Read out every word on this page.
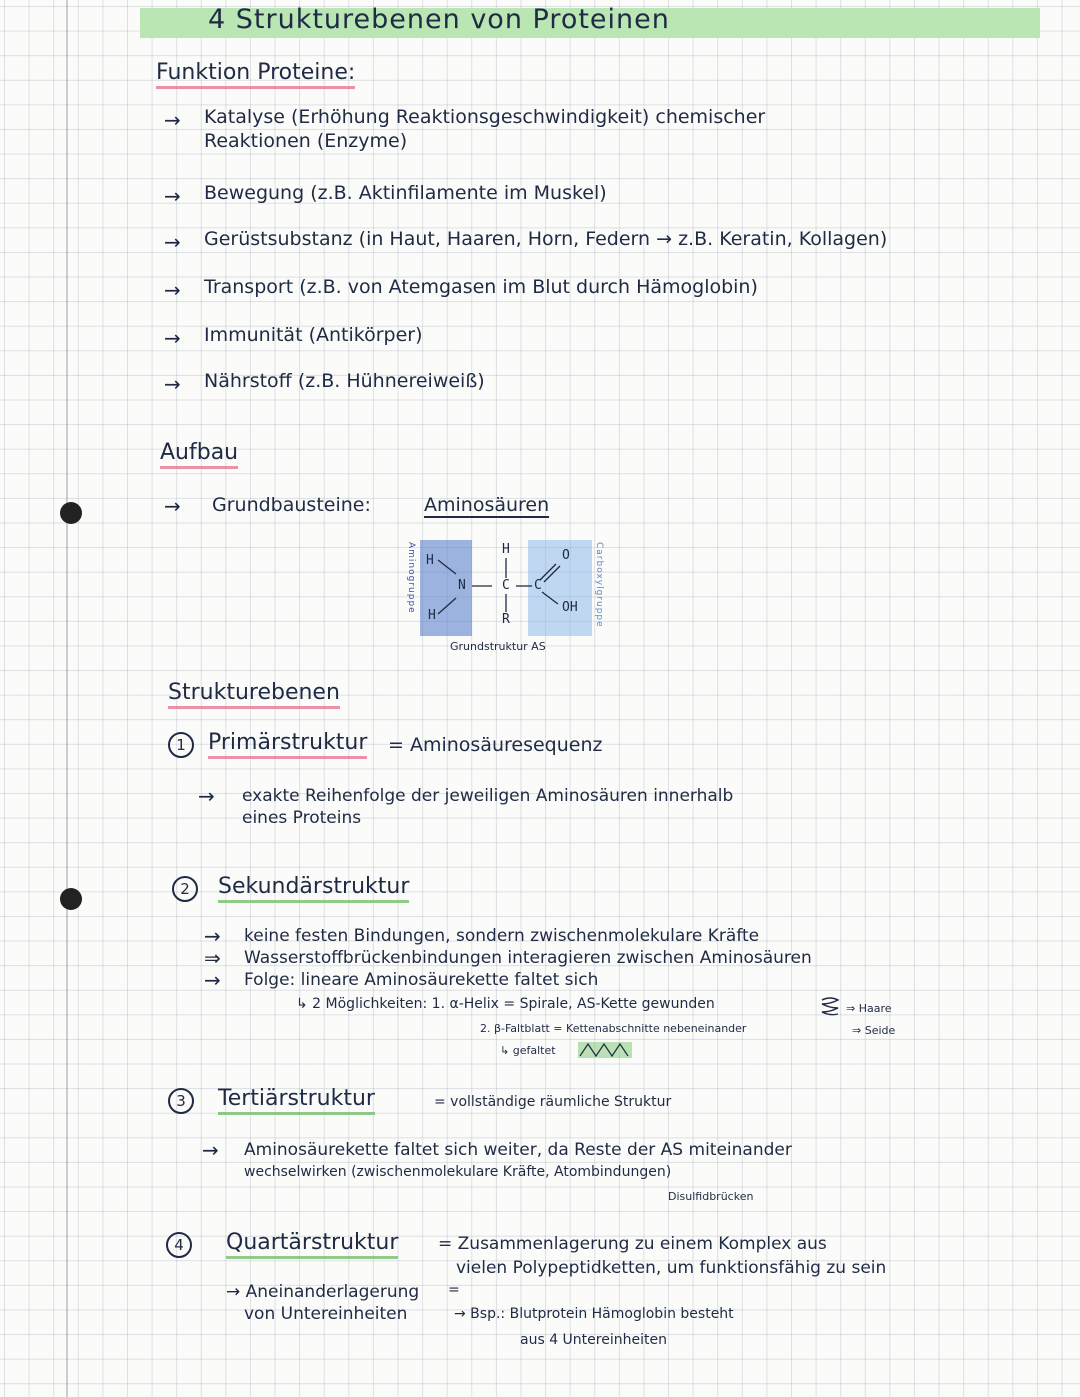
4 Strukturebenen von Proteinen
Funktion Proteine:
→ Katalyse (Erhöhung Reaktionsgeschwindigkeit) chemischer
Reaktionen (Enzyme)
→ Bewegung (z.B. Aktinfilamente im Muskel)
→ Gerüstsubstanz (in Haut, Haaren, Horn, Federn → z.B. Keratin, Kollagen)
→ Transport (z.B. von Atemgasen im Blut durch Hämoglobin)
→ Immunität (Antikörper)
→ Nährstoff (z.B. Hühnereiweiß)
Aufbau
→ Grundbausteine:	Aminosäuren
Aminogruppe	Carboxylgruppe
H
H
N
H
C
R
C
O
OH
Grundstruktur AS
Strukturebenen
1	Primärstruktur = Aminosäuresequenz
→ exakte Reihenfolge der jeweiligen Aminosäuren innerhalb
eines Proteins
2	Sekundärstruktur
→ keine festen Bindungen, sondern zwischenmolekulare Kräfte
⇒ Wasserstoffbrückenbindungen interagieren zwischen Aminosäuren
→ Folge: lineare Aminosäurekette faltet sich
↳ 2 Möglichkeiten: 1. α-Helix = Spirale, AS-Kette gewunden	⇒ Haare
2. β-Faltblatt = Kettenabschnitte nebeneinander	⇒ Seide
↳ gefaltet
3	Tertiärstruktur	= vollständige räumliche Struktur
→ Aminosäurekette faltet sich weiter, da Reste der AS miteinander
wechselwirken (zwischenmolekulare Kräfte, Atombindungen)
Disulfidbrücken
4	Quartärstruktur = Zusammenlagerung zu einem Komplex aus
vielen Polypeptidketten, um funktionsfähig zu sein
→ Aneinanderlagerung
von Untereinheiten
=
→ Bsp.: Blutprotein Hämoglobin besteht
aus 4 Untereinheiten
